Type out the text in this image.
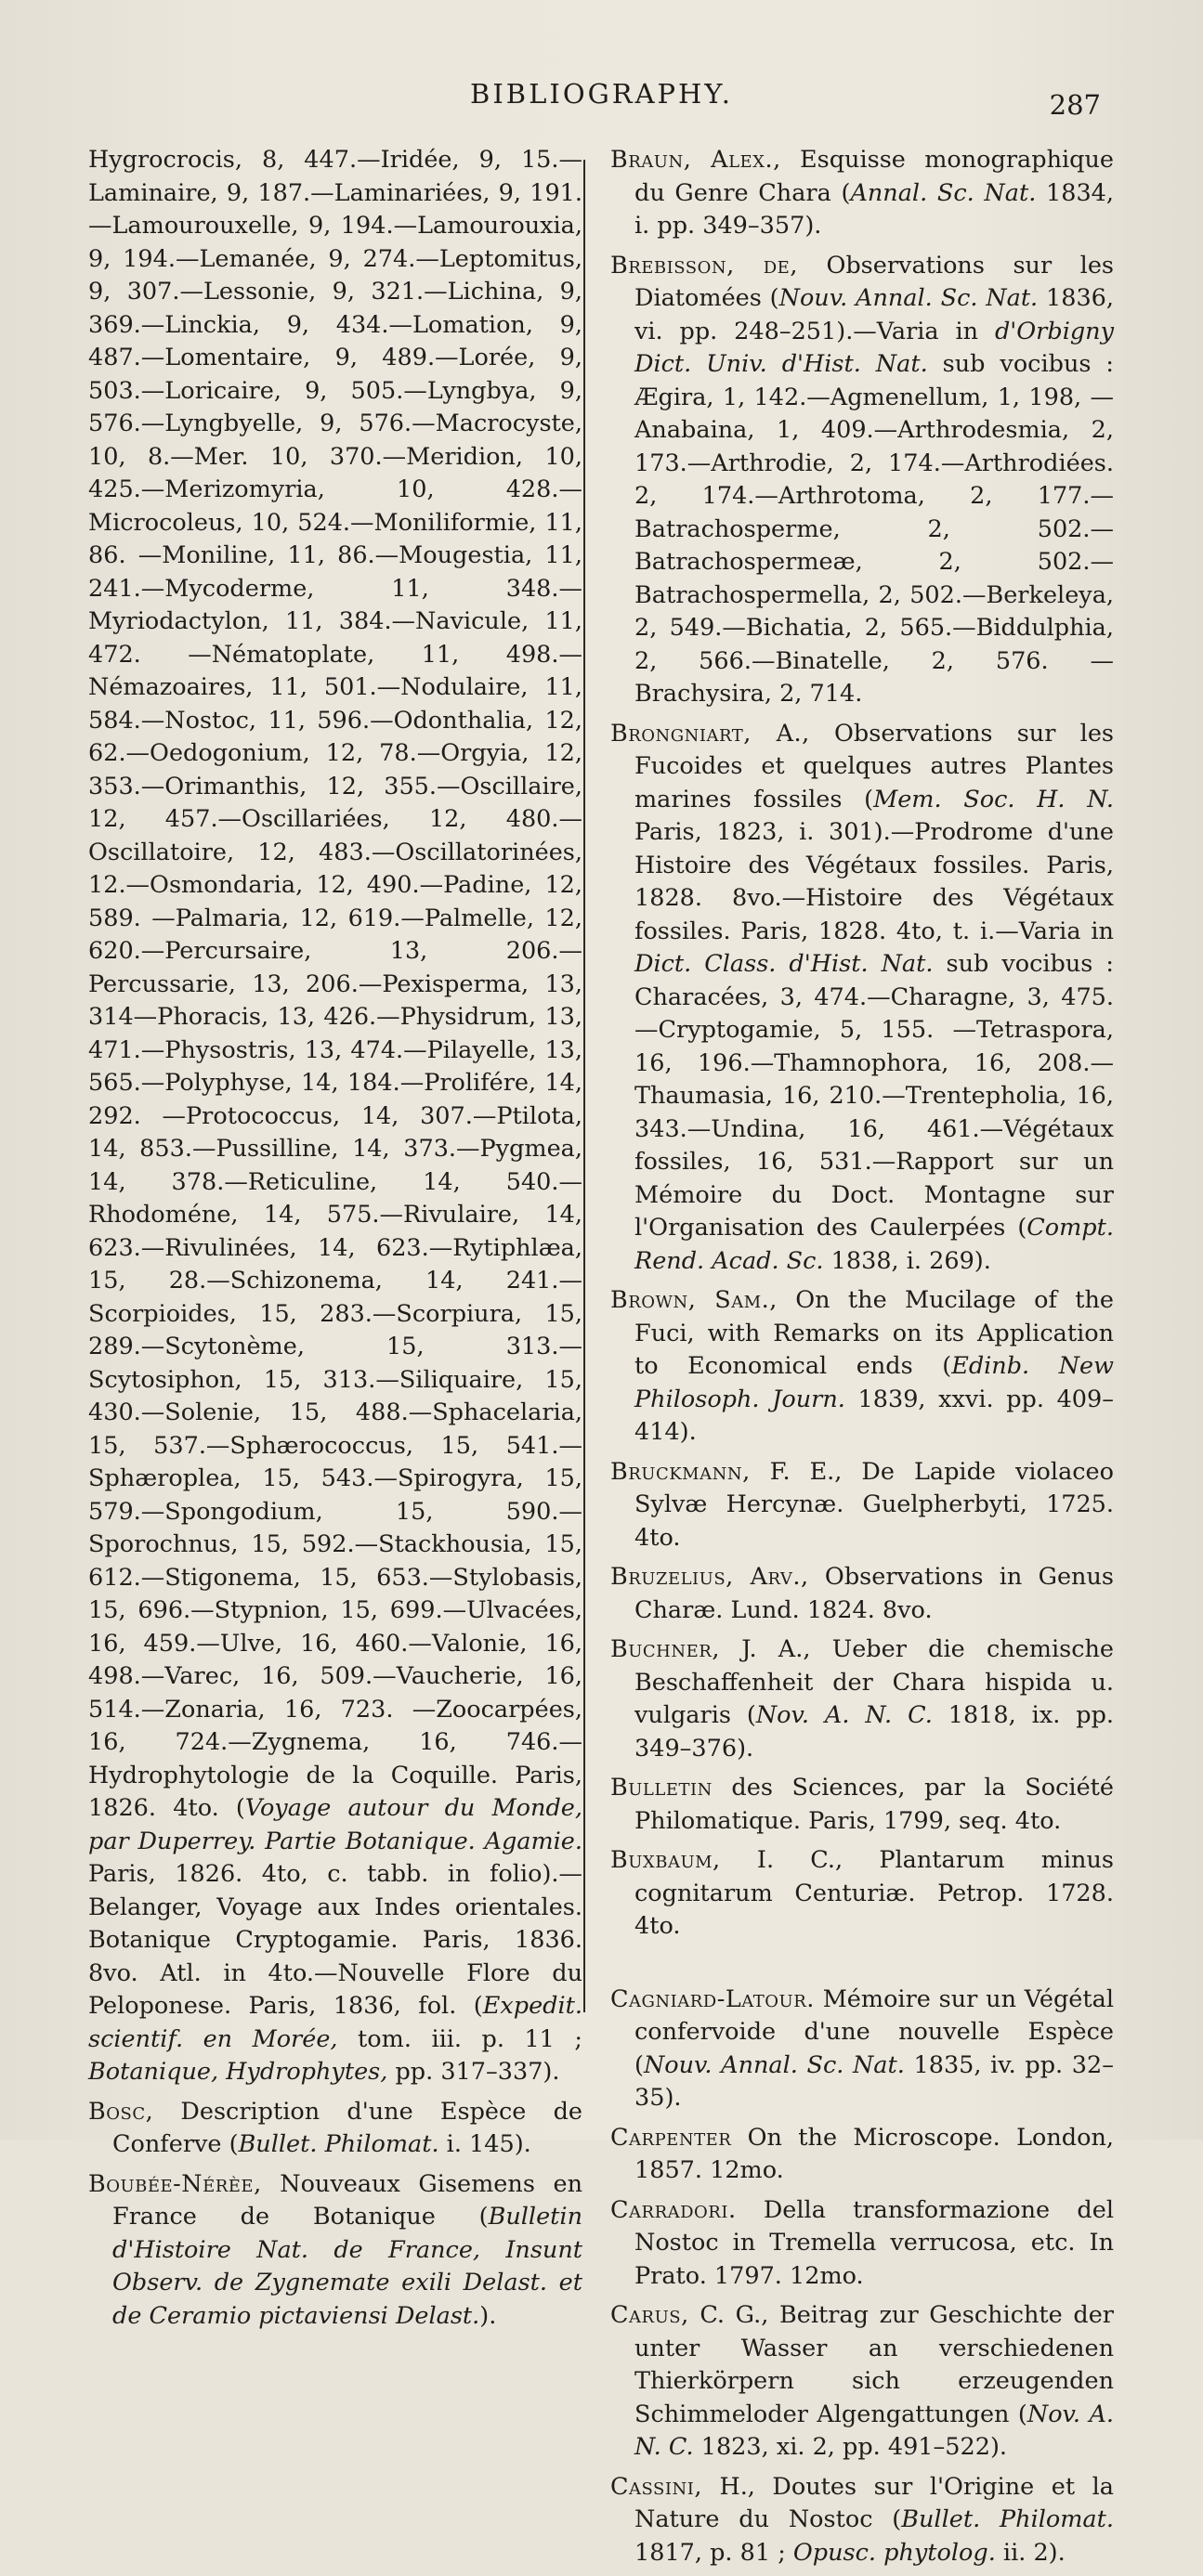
BIBLIOGRAPHY.	287

Hygrocrocis, 8, 447.—Iridée, 9, 15.—Laminaire, 9, 187.—Laminariées, 9, 191. —Lamourouxelle, 9, 194.—Lamourouxia, 9, 194.—Lemanée, 9, 274.—Leptomitus, 9, 307.—Lessonie, 9, 321.—Lichina, 9, 369.—Linckia, 9, 434.—Lomation, 9, 487.—Lomentaire, 9, 489.—Lorée, 9, 503.—Loricaire, 9, 505.—Lyngbya, 9, 576.—Lyngbyelle, 9, 576.—Macrocyste, 10, 8.—Mer. 10, 370.—Meridion, 10, 425.—Merizomyria, 10, 428.—Microcoleus, 10, 524.—Moniliformie, 11, 86. —Moniline, 11, 86.—Mougestia, 11, 241.—Mycoderme, 11, 348.—Myriodactylon, 11, 384.—Navicule, 11, 472. —Nématoplate, 11, 498.—Némazoaires, 11, 501.—Nodulaire, 11, 584.—Nostoc, 11, 596.—Odonthalia, 12, 62.—Oedogonium, 12, 78.—Orgyia, 12, 353.—Orimanthis, 12, 355.—Oscillaire, 12, 457.—Oscillariées, 12, 480.—Oscillatoire, 12, 483.—Oscillatorinées, 12.—Osmondaria, 12, 490.—Padine, 12, 589. —Palmaria, 12, 619.—Palmelle, 12, 620.—Percursaire, 13, 206.—Percussarie, 13, 206.—Pexisperma, 13, 314—Phoracis, 13, 426.—Physidrum, 13, 471.—Physostris, 13, 474.—Pilayelle, 13, 565.—Polyphyse, 14, 184.—Prolifére, 14, 292. —Protococcus, 14, 307.—Ptilota, 14, 853.—Pussilline, 14, 373.—Pygmea, 14, 378.—Reticuline, 14, 540.—Rhodoméne, 14, 575.—Rivulaire, 14, 623.—Rivulinées, 14, 623.—Rytiphlæa, 15, 28.—Schizonema, 14, 241.—Scorpioides, 15, 283.—Scorpiura, 15, 289.—Scytonème, 15, 313.—Scytosiphon, 15, 313.—Siliquaire, 15, 430.—Solenie, 15, 488.—Sphacelaria, 15, 537.—Sphærococcus, 15, 541.—Sphæroplea, 15, 543.—Spirogyra, 15, 579.—Spongodium, 15, 590.—Sporochnus, 15, 592.—Stackhousia, 15, 612.—Stigonema, 15, 653.—Stylobasis, 15, 696.—Stypnion, 15, 699.—Ulvacées, 16, 459.—Ulve, 16, 460.—Valonie, 16, 498.—Varec, 16, 509.—Vaucherie, 16, 514.—Zonaria, 16, 723. —Zoocarpées, 16, 724.—Zygnema, 16, 746.—Hydrophytologie de la Coquille. Paris, 1826. 4to. (Voyage autour du Monde, par Duperrey. Partie Botanique. Agamie. Paris, 1826. 4to, c. tabb. in folio).—Belanger, Voyage aux Indes orientales. Botanique Cryptogamie. Paris, 1836. 8vo. Atl. in 4to.—Nouvelle Flore du Peloponese. Paris, 1836, fol. (Expedit. scientif. en Morée, tom. iii. p. 11 ; Botanique, Hydrophytes, pp. 317–337).

Bosc, Description d'une Espèce de Conferve (Bullet. Philomat. i. 145).

Boubée-Nérèe, Nouveaux Gisemens en France de Botanique (Bulletin d'Histoire Nat. de France, Insunt Observ. de Zygnemate exili Delast. et de Ceramio pictaviensi Delast.).

Braun, Alex., Esquisse monographique du Genre Chara (Annal. Sc. Nat. 1834, i. pp. 349–357).

Brebisson, de, Observations sur les Diatomées (Nouv. Annal. Sc. Nat. 1836, vi. pp. 248–251).—Varia in d'Orbigny Dict. Univ. d'Hist. Nat. sub vocibus : Ægira, 1, 142.—Agmenellum, 1, 198, —Anabaina, 1, 409.—Arthrodesmia, 2, 173.—Arthrodie, 2, 174.—Arthrodiées. 2, 174.—Arthrotoma, 2, 177.—Batrachosperme, 2, 502.—Batrachospermeæ, 2, 502.—Batrachospermella, 2, 502.—Berkeleya, 2, 549.—Bichatia, 2, 565.—Biddulphia, 2, 566.—Binatelle, 2, 576. —Brachysira, 2, 714.

Brongniart, A., Observations sur les Fucoides et quelques autres Plantes marines fossiles (Mem. Soc. H. N. Paris, 1823, i. 301).—Prodrome d'une Histoire des Végétaux fossiles. Paris, 1828. 8vo.—Histoire des Végétaux fossiles. Paris, 1828. 4to, t. i.—Varia in Dict. Class. d'Hist. Nat. sub vocibus : Characées, 3, 474.—Charagne, 3, 475.—Cryptogamie, 5, 155. —Tetraspora, 16, 196.—Thamnophora, 16, 208.—Thaumasia, 16, 210.—Trentepholia, 16, 343.—Undina, 16, 461.—Végétaux fossiles, 16, 531.—Rapport sur un Mémoire du Doct. Montagne sur l'Organisation des Caulerpées (Compt. Rend. Acad. Sc. 1838, i. 269).

Brown, Sam., On the Mucilage of the Fuci, with Remarks on its Application to Economical ends (Edinb. New Philosoph. Journ. 1839, xxvi. pp. 409–414).

Bruckmann, F. E., De Lapide violaceo Sylvæ Hercynæ. Guelpherbyti, 1725. 4to.

Bruzelius, Arv., Observations in Genus Charæ. Lund. 1824. 8vo.

Buchner, J. A., Ueber die chemische Beschaffenheit der Chara hispida u. vulgaris (Nov. A. N. C. 1818, ix. pp. 349–376).

Bulletin des Sciences, par la Société Philomatique. Paris, 1799, seq. 4to.

Buxbaum, I. C., Plantarum minus cognitarum Centuriæ. Petrop. 1728. 4to.

Cagniard-Latour. Mémoire sur un Végétal confervoide d'une nouvelle Espèce (Nouv. Annal. Sc. Nat. 1835, iv. pp. 32–35).

Carpenter On the Microscope. London, 1857. 12mo.

Carradori. Della transformazione del Nostoc in Tremella verrucosa, etc. In Prato. 1797. 12mo.

Carus, C. G., Beitrag zur Geschichte der unter Wasser an verschiedenen Thierkörpern sich erzeugenden Schimmeloder Algengattungen (Nov. A. N. C. 1823, xi. 2, pp. 491–522).

Cassini, H., Doutes sur l'Origine et la Nature du Nostoc (Bullet. Philomat. 1817, p. 81 ; Opusc. phytolog. ii. 2).
